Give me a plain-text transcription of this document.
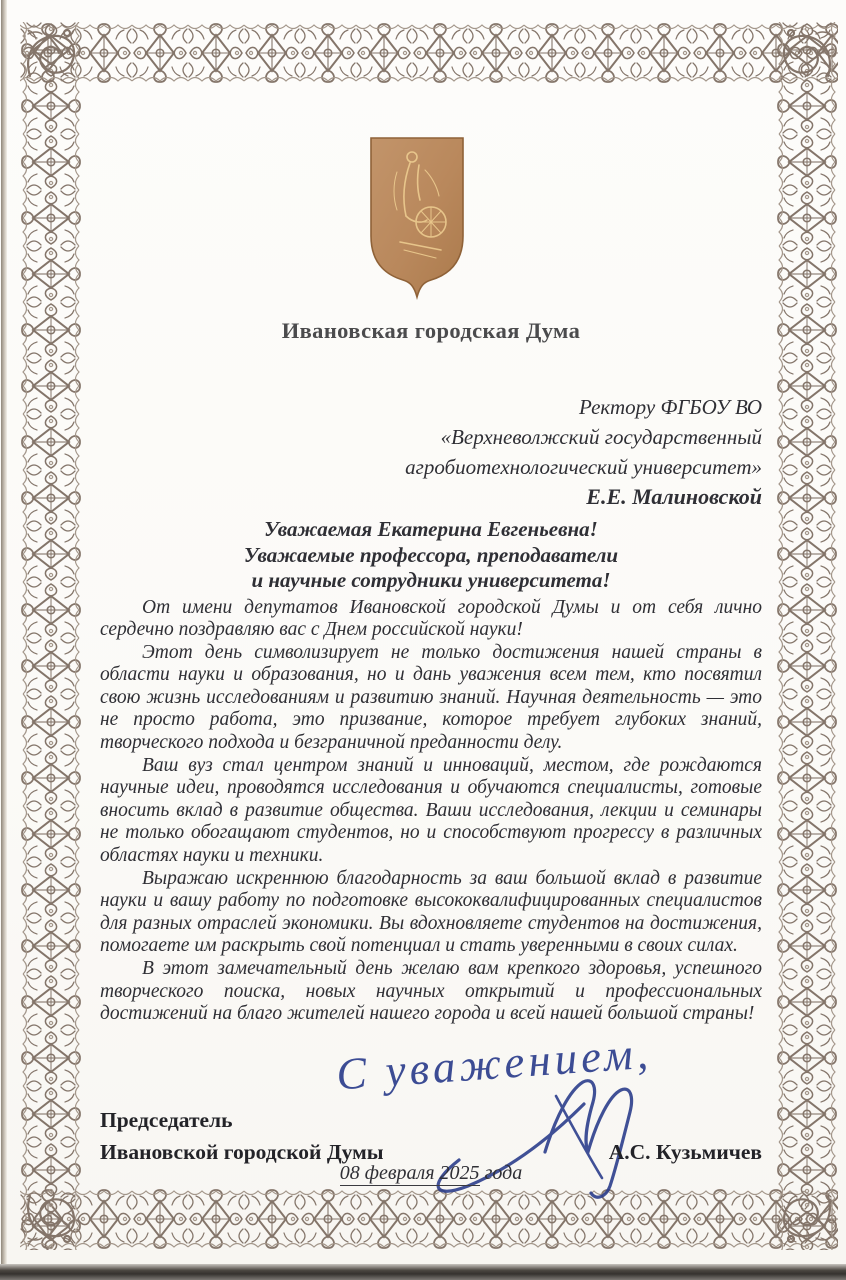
Ивановская городская Дума
Ректору ФГБОУ ВО
«Верхневолжский государственный
агробиотехнологический университет»
Е.Е. Малиновской
Уважаемая Екатерина Евгеньевна!
Уважаемые профессора, преподаватели
и научные сотрудники университета!

От имени депутатов Ивановской городской Думы и от себя лично сердечно поздравляю вас с Днем российской науки!

Этот день символизирует не только достижения нашей страны в области науки и образования, но и дань уважения всем тем, кто посвятил свою жизнь исследованиям и развитию знаний. Научная деятельность — это не просто работа, это призвание, которое требует глубоких знаний, творческого подхода и безграничной преданности делу.

Ваш вуз стал центром знаний и инноваций, местом, где рождаются научные идеи, проводятся исследования и обучаются специалисты, готовые вносить вклад в развитие общества. Ваши исследования, лекции и семинары не только обогащают студентов, но и способствуют прогрессу в различных областях науки и техники.

Выражаю искреннюю благодарность за ваш большой вклад в развитие науки и вашу работу по подготовке высококвалифицированных специалистов для разных отраслей экономики. Вы вдохновляете студентов на достижения, помогаете им раскрыть свой потенциал и стать уверенными в своих силах.

В этот замечательный день желаю вам крепкого здоровья, успешного творческого поиска, новых научных открытий и профессиональных достижений на благо жителей нашего города и всей нашей большой страны!

С уважением,
Председатель
Ивановской городской Думы	А.С. Кузьмичев
08 февраля 2025 года
